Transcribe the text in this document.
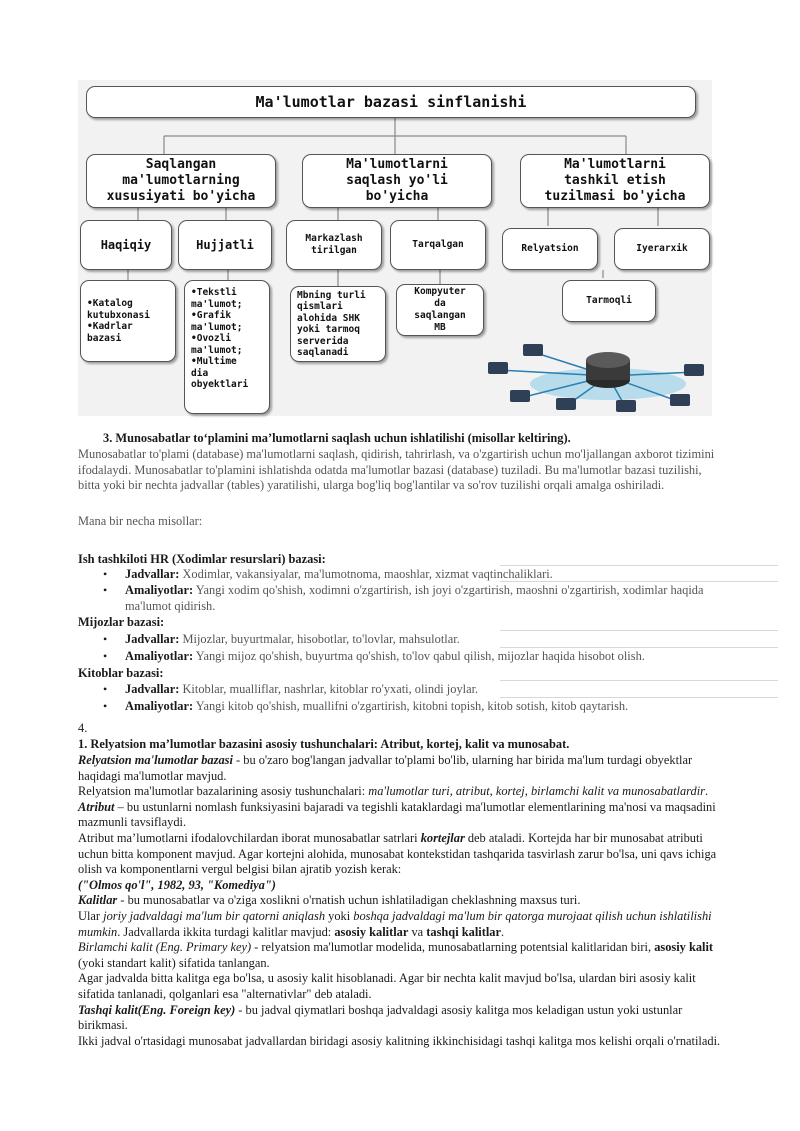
Ma'lumotlar bazasi sinflanishi
Saqlangan
ma'lumotlarning
xususiyati bo'yicha
Ma'lumotlarni
saqlash yo'li
bo'yicha
Ma'lumotlarni
tashkil etish
tuzilmasi bo'yicha
Haqiqiy	Hujjatli	Markazlash
tirilgan
Tarqalgan	Relyatsion	Iyerarxik
•Katalog
kutubxonasi
•Kadrlar
bazasi
•Tekstli
ma'lumot;
•Grafik
ma'lumot;
•Ovozli
ma'lumot;
•Multime
dia
obyektlari
Mbning turli
qismlari
alohida SHK
yoki tarmoq
serverida
saqlanadi
Kompyuter
da
saqlangan
MB
Tarmoqli
3. Munosabatlar to‘plamini ma’lumotlarni saqlash uchun ishlatilishi (misollar keltiring).
Munosabatlar to'plami (database) ma'lumotlarni saqlash, qidirish, tahrirlash, va o'zgartirish uchun mo'ljallangan axborot tizimini
ifodalaydi. Munosabatlar to'plamini ishlatishda odatda ma'lumotlar bazasi (database) tuziladi. Bu ma'lumotlar bazasi tuzilishi,
bitta yoki bir nechta jadvallar (tables) yaratilishi, ularga bog'liq bog'lantilar va so'rov tuzilishi orqali amalga oshiriladi.
Mana bir necha misollar:
Ish tashkiloti HR (Xodimlar resurslari) bazasi:
• Jadvallar: Xodimlar, vakansiyalar, ma'lumotnoma, maoshlar, xizmat vaqtinchaliklari.
• Amaliyotlar: Yangi xodim qo'shish, xodimni o'zgartirish, ish joyi o'zgartirish, maoshni o'zgartirish, xodimlar haqida
ma'lumot qidirish.
Mijozlar bazasi:
• Jadvallar: Mijozlar, buyurtmalar, hisobotlar, to'lovlar, mahsulotlar.
• Amaliyotlar: Yangi mijoz qo'shish, buyurtma qo'shish, to'lov qabul qilish, mijozlar haqida hisobot olish.
Kitoblar bazasi:
• Jadvallar: Kitoblar, mualliflar, nashrlar, kitoblar ro'yxati, olindi joylar.
• Amaliyotlar: Yangi kitob qo'shish, muallifni o'zgartirish, kitobni topish, kitob sotish, kitob qaytarish.
4.
1. Relyatsion ma’lumotlar bazasini asosiy tushunchalari: Atribut, kortej, kalit va munosabat.
Relyatsion ma'lumotlar bazasi - bu o'zaro bog'langan jadvallar to'plami bo'lib, ularning har birida ma'lum turdagi obyektlar
haqidagi ma'lumotlar mavjud.
Relyatsion ma'lumotlar bazalarining asosiy tushunchalari: ma'lumotlar turi, atribut, kortej, birlamchi kalit va munosabatlardir.
Atribut – bu ustunlarni nomlash funksiyasini bajaradi va tegishli kataklardagi ma'lumotlar elementlarining ma'nosi va maqsadini
mazmunli tavsiflaydi.
Atribut ma’lumotlarni ifodalovchilardan iborat munosabatlar satrlari kortejlar deb ataladi. Kortejda har bir munosabat atributi
uchun bitta komponent mavjud. Agar kortejni alohida, munosabat kontekstidan tashqarida tasvirlash zarur bo'lsa, uni qavs ichiga
olish va komponentlarni vergul belgisi bilan ajratib yozish kerak:
("Olmos qo'l", 1982, 93, "Komediya")
Kalitlar - bu munosabatlar va o'ziga xoslikni o'rnatish uchun ishlatiladigan cheklashning maxsus turi.
Ular joriy jadvaldagi ma'lum bir qatorni aniqlash yoki boshqa jadvaldagi ma'lum bir qatorga murojaat qilish uchun ishlatilishi
mumkin. Jadvallarda ikkita turdagi kalitlar mavjud: asosiy kalitlar va tashqi kalitlar.
Birlamchi kalit (Eng. Primary key) - relyatsion ma'lumotlar modelida, munosabatlarning potentsial kalitlaridan biri, asosiy kalit
(yoki standart kalit) sifatida tanlangan.
Agar jadvalda bitta kalitga ega bo'lsa, u asosiy kalit hisoblanadi. Agar bir nechta kalit mavjud bo'lsa, ulardan biri asosiy kalit
sifatida tanlanadi, qolganlari esa "alternativlar" deb ataladi.
Tashqi kalit(Eng. Foreign key) - bu jadval qiymatlari boshqa jadvaldagi asosiy kalitga mos keladigan ustun yoki ustunlar
birikmasi.
Ikki jadval o'rtasidagi munosabat jadvallardan biridagi asosiy kalitning ikkinchisidagi tashqi kalitga mos kelishi orqali o'rnatiladi.
